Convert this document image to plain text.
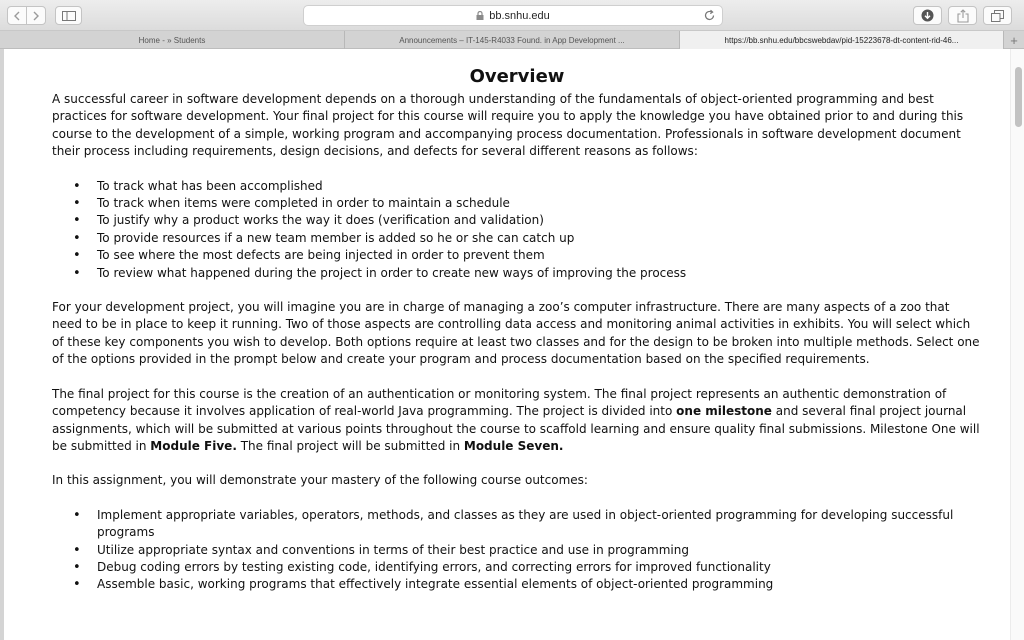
bb.snhu.edu
Home - » Students	Announcements – IT-145-R4033 Found. in App Development ...	https://bb.snhu.edu/bbcswebdav/pid-15223678-dt-content-rid-46...	+
Overview

A successful career in software development depends on a thorough understanding of the fundamentals of object-oriented programming and best practices for software development. Your final project for this course will require you to apply the knowledge you have obtained prior to and during this course to the development of a simple, working program and accompanying process documentation. Professionals in software development document their process including requirements, design decisions, and defects for several different reasons as follows:

• To track what has been accomplished
• To track when items were completed in order to maintain a schedule
• To justify why a product works the way it does (verification and validation)
• To provide resources if a new team member is added so he or she can catch up
• To see where the most defects are being injected in order to prevent them
• To review what happened during the project in order to create new ways of improving the process

For your development project, you will imagine you are in charge of managing a zoo’s computer infrastructure. There are many aspects of a zoo that need to be in place to keep it running. Two of those aspects are controlling data access and monitoring animal activities in exhibits. You will select which of these key components you wish to develop. Both options require at least two classes and for the design to be broken into multiple methods. Select one of the options provided in the prompt below and create your program and process documentation based on the specified requirements.

The final project for this course is the creation of an authentication or monitoring system. The final project represents an authentic demonstration of competency because it involves application of real-world Java programming. The project is divided into one milestone and several final project journal assignments, which will be submitted at various points throughout the course to scaffold learning and ensure quality final submissions. Milestone One will be submitted in Module Five. The final project will be submitted in Module Seven.

In this assignment, you will demonstrate your mastery of the following course outcomes:

• Implement appropriate variables, operators, methods, and classes as they are used in object-oriented programming for developing successful programs
• Utilize appropriate syntax and conventions in terms of their best practice and use in programming
• Debug coding errors by testing existing code, identifying errors, and correcting errors for improved functionality
• Assemble basic, working programs that effectively integrate essential elements of object-oriented programming
